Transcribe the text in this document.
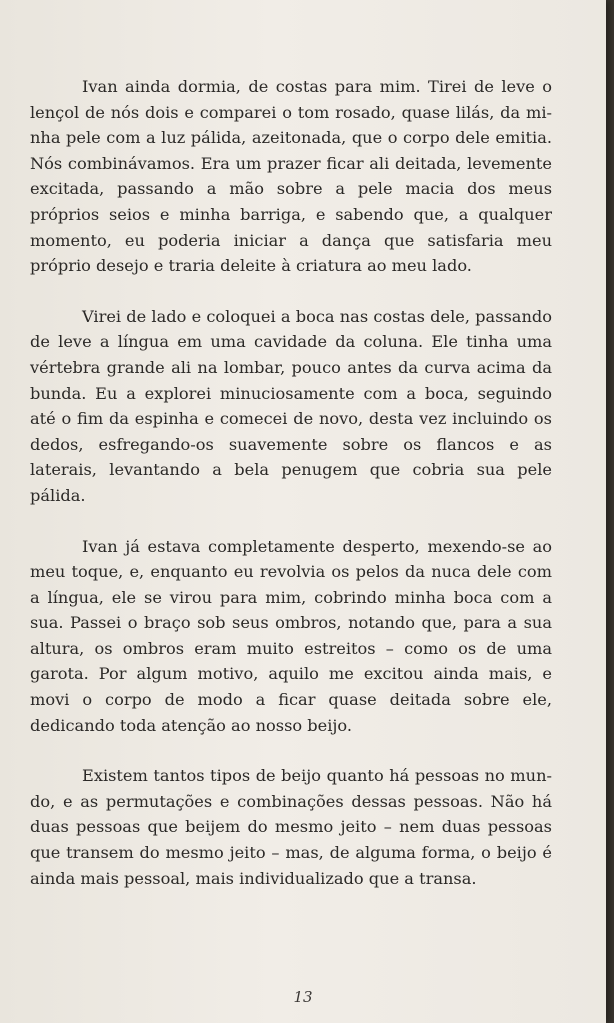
Ivan ainda dormia, de costas para mim. Tirei de leve o lençol de nós dois e comparei o tom rosado, quase lilás, da minha pele com a luz pálida, azeitonada, que o corpo dele emitia. Nós combinávamos. Era um prazer ficar ali deitada, levemente excitada, passando a mão sobre a pele macia dos meus próprios seios e minha barriga, e sabendo que, a qualquer momento, eu poderia iniciar a dança que satisfaria meu próprio desejo e traria deleite à criatura ao meu lado.

Virei de lado e coloquei a boca nas costas dele, passando de leve a língua em uma cavidade da coluna. Ele tinha uma vértebra grande ali na lombar, pouco antes da curva acima da bunda. Eu a explorei minuciosamente com a boca, seguindo até o fim da espinha e comecei de novo, desta vez incluindo os dedos, esfregando-os suavemente sobre os flancos e as laterais, levantando a bela penugem que cobria sua pele pálida.

Ivan já estava completamente desperto, mexendo-se ao meu toque, e, enquanto eu revolvia os pelos da nuca dele com a língua, ele se virou para mim, cobrindo minha boca com a sua. Passei o braço sob seus ombros, notando que, para a sua altura, os ombros eram muito estreitos – como os de uma garota. Por algum motivo, aquilo me excitou ainda mais, e movi o corpo de modo a ficar quase deitada sobre ele, dedicando toda atenção ao nosso beijo.

Existem tantos tipos de beijo quanto há pessoas no mundo, e as permutações e combinações dessas pessoas. Não há duas pessoas que beijem do mesmo jeito – nem duas pessoas que transem do mesmo jeito – mas, de alguma forma, o beijo é ainda mais pessoal, mais individualizado que a transa.

13
